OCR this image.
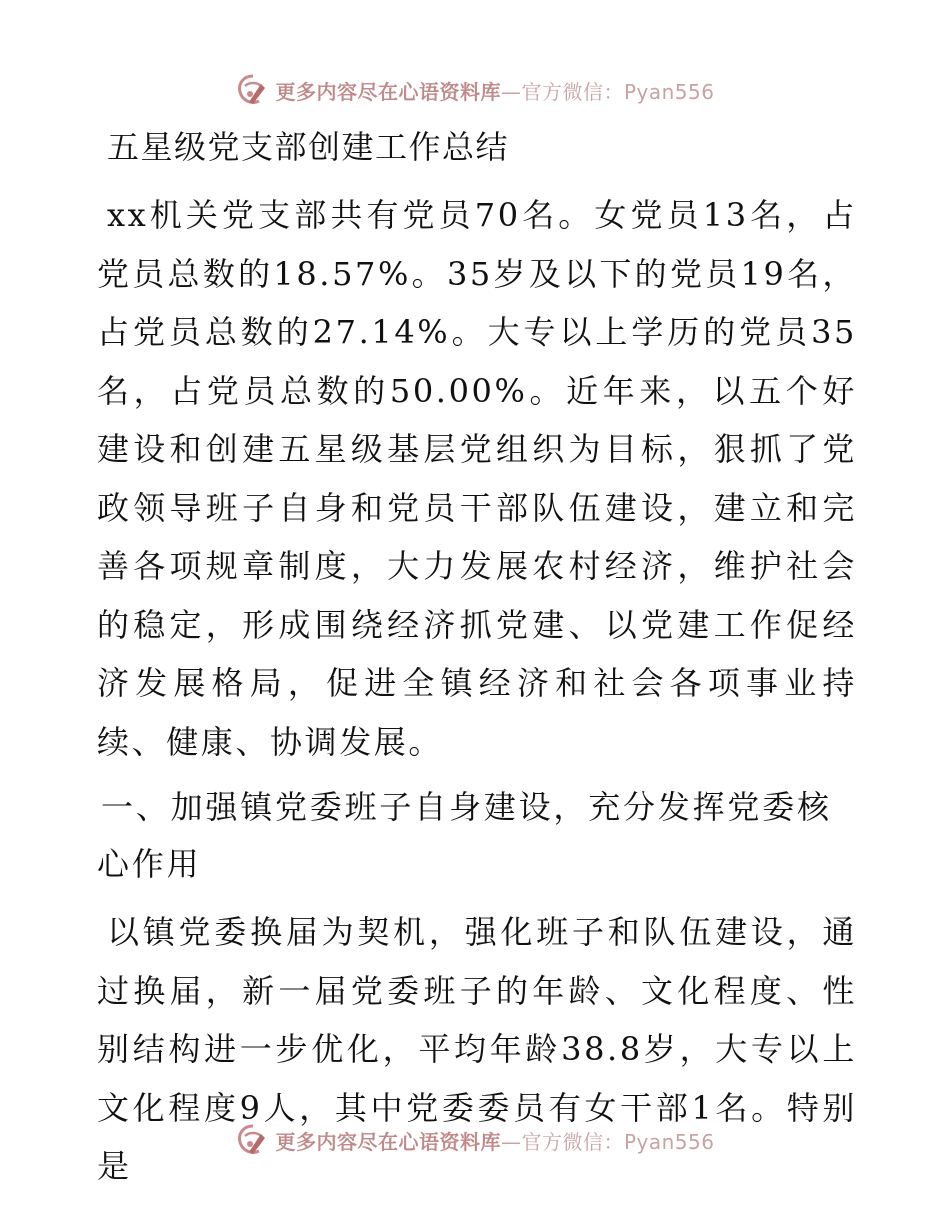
更多内容尽在心语资料库—官方微信：Pyan556
五星级党支部创建工作总结

xx机关党支部共有党员70名。女党员13名，占党员总数的18.57%。35岁及以下的党员19名，占党员总数的27.14%。大专以上学历的党员35名，占党员总数的50.00%。近年来，以五个好建设和创建五星级基层党组织为目标，狠抓了党政领导班子自身和党员干部队伍建设，建立和完善各项规章制度，大力发展农村经济，维护社会的稳定，形成围绕经济抓党建、以党建工作促经济发展格局，促进全镇经济和社会各项事业持续、健康、协调发展。

一、加强镇党委班子自身建设，充分发挥党委核心作用

以镇党委换届为契机，强化班子和队伍建设，通过换届，新一届党委班子的年龄、文化程度、性别结构进一步优化，平均年龄38.8岁，大专以上文化程度9人，其中党委委员有女干部1名。特别是

更多内容尽在心语资料库—官方微信：Pyan556
